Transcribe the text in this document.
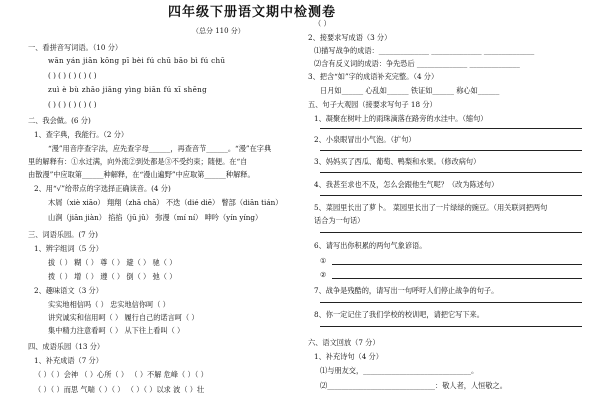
四年级下册语文期中检测卷
（总分 110 分）
一、看拼音写词语。（10 分）
wān yán jiān kōng pī bèi fú chū bāo bì fú chū
( ) ( ) ( ) ( ) ( )
zuì è bù zhāo jiāng yìng biān fú xī shēng
( ) ( ) ( ) ( ) ( )
二、我会做。(6 分)
1、查字典，我能行。（2 分）
“漫”用音序查字法，应先查字母______，再查音节______。“漫”在字典
里的解释有：①水过满，向外流②到处都是③不受约束；随便。在“自
由散漫”中应取第______种解释，在“漫山遍野”中应取第______种解释。
2、用“√”给带点的字选择正确读音。(4 分)
木屑（xiè xiāo） 翔翔（zhā chā） 不迭（dié diē） 瞥部（diān tián）
山涧（jiān jiàn） 掐掐（jū jǔ） 弥漫（mí ní） 呻吟（yín yíng）
三、词语乐园。(7 分)
1、辨字组词（5 分）
拔（ ） 糊（ ） 尊（ ） 避（ ） 驰（ ）
拨（ ） 增（ ） 遵（ ） 倒（ ） 弛（ ）
2、趣味语文（3 分）
实实地相信吗（ ） 忠实地信你呵（ ）
讲究诚实和信用呵（ ） 履行自己的诺言呵（ ）
集中精力注意看呵（ ） 从下往上看叫（ ）
四、成语乐园（13 分）
1、补充成语（7 分）
（ ）（ ）会神 （ ）心所（ ） （ ）不解 危峰（ ）（ ）
（ ）（ ）而思 气喘（ ）（ ） （ ）（ ）以求 波（ ）壮
（ ）
2、接要求写成语（3 分）
⑴描写战争的成语：______________ ______________ ______________
⑵含有反义词的成语：争先恐后 ______________ ______________
3、把含“如”字的成语补充完整。（4 分）
日月如______ 心乱如______ 铁证如______ 称心如______
五、句子大观园（接要求写句子 18 分）
1、凝聚在树叶上的雨珠滴落在路旁的水洼中。（缩句）
2、小泉眼冒出小气泡。（扩句）
3、妈妈买了西瓜、葡萄、鸭梨和水果。（修改病句）
4、我甚至求也不及，怎么会跟他生气呢？（改为陈述句）
5、菜园里长出了萝卜。 菜园里长出了一片绿绿的豌豆。（用关联词把两句
话合为一句话）
6、请写出你积累的两句气象谚语。
①
②
7、战争是残酷的，请写出一句呼吁人们停止战争的句子。
8、你一定记住了我们学校的校训吧，请把它写下来。
六、语文回放（7 分）
1、补充诗句（4 分）
⑴与朋友交，______________________________。
⑵______________________________：敬人者，人恒敬之。
